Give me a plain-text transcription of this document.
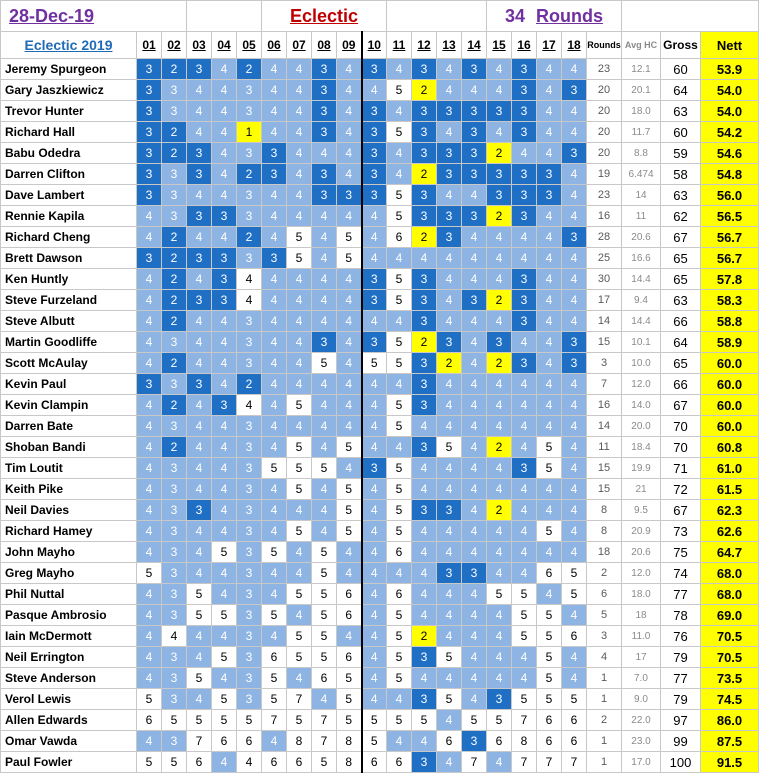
28-Dec-19						Eclectic									34 Rounds							
Eclectic 2019	01	02	03	04	05	06	07	08	09	10	11	12	13	14	15	16	17	18	Rounds	Avg HC	Gross	Nett
Jeremy Spurgeon	3	2	3	4	2	4	4	3	4	3	4	3	4	3	4	3	4	4	23	12.1	60	53.9
Gary Jaszkiewicz	3	3	4	4	3	4	4	3	4	4	5	2	4	4	4	3	4	3	20	20.1	64	54.0
Trevor Hunter	3	3	4	4	3	4	4	3	4	3	4	3	3	3	3	3	4	4	20	18.0	63	54.0
Richard Hall	3	2	4	4	1	4	4	3	4	3	5	3	4	3	4	3	4	4	20	11.7	60	54.2
Babu Odedra	3	2	3	4	3	3	4	4	4	3	4	3	3	3	2	4	4	3	20	8.8	59	54.6
Darren Clifton	3	3	3	4	2	3	4	3	4	3	4	2	3	3	3	3	3	4	19	6.474	58	54.8
Dave Lambert	3	3	4	4	3	4	4	3	3	3	5	3	4	4	3	3	3	4	23	14	63	56.0
Rennie Kapila	4	3	3	3	3	4	4	4	4	4	5	3	3	3	2	3	4	4	16	11	62	56.5
Richard Cheng	4	2	4	4	2	4	5	4	5	4	6	2	3	4	4	4	4	3	28	20.6	67	56.7
Brett Dawson	3	2	3	3	3	3	5	4	5	4	4	4	4	4	4	4	4	4	25	16.6	65	56.7
Ken Huntly	4	2	4	3	4	4	4	4	4	3	5	3	4	4	4	3	4	4	30	14.4	65	57.8
Steve Furzeland	4	2	3	3	4	4	4	4	4	3	5	3	4	3	2	3	4	4	17	9.4	63	58.3
Steve Albutt	4	2	4	4	3	4	4	4	4	4	4	3	4	4	4	3	4	4	14	14.4	66	58.8
Martin Goodliffe	4	3	4	4	3	4	4	3	4	3	5	2	3	4	3	4	4	3	15	10.1	64	58.9
Scott McAulay	4	2	4	4	3	4	4	5	4	5	5	3	2	4	2	3	4	3	3	10.0	65	60.0
Kevin Paul	3	3	3	4	2	4	4	4	4	4	4	3	4	4	4	4	4	4	7	12.0	66	60.0
Kevin Clampin	4	2	4	3	4	4	5	4	4	4	5	3	4	4	4	4	4	4	16	14.0	67	60.0
Darren Bate	4	3	4	4	3	4	4	4	4	4	5	4	4	4	4	4	4	4	14	20.0	70	60.0
Shoban Bandi	4	2	4	4	3	4	5	4	5	4	4	3	5	4	2	4	5	4	11	18.4	70	60.8
Tim Loutit	4	3	4	4	3	5	5	5	4	3	5	4	4	4	4	3	5	4	15	19.9	71	61.0
Keith Pike	4	3	4	4	3	4	5	4	5	4	5	4	4	4	4	4	4	4	15	21	72	61.5
Neil Davies	4	3	3	4	3	4	4	4	5	4	5	3	3	4	2	4	4	4	8	9.5	67	62.3
Richard Hamey	4	3	4	4	3	4	5	4	5	4	5	4	4	4	4	4	5	4	8	20.9	73	62.6
John Mayho	4	3	4	5	3	5	4	5	4	4	6	4	4	4	4	4	4	4	18	20.6	75	64.7
Greg Mayho	5	3	4	4	3	4	4	5	4	4	4	4	3	3	4	4	6	5	2	12.0	74	68.0
Phil Nuttal	4	3	5	4	3	4	5	5	6	4	6	4	4	4	5	5	4	5	6	18.0	77	68.0
Pasque Ambrosio	4	3	5	5	3	5	4	5	6	4	5	4	4	4	4	5	5	4	5	18	78	69.0
Iain McDermott	4	4	4	4	3	4	5	5	4	4	5	2	4	4	4	5	5	6	3	11.0	76	70.5
Neil Errington	4	3	4	5	3	6	5	5	6	4	5	3	5	4	4	4	5	4	4	17	79	70.5
Steve Anderson	4	3	5	4	3	5	4	6	5	4	5	4	4	4	4	4	5	4	1	7.0	77	73.5
Verol Lewis	5	3	4	5	3	5	7	4	5	4	4	3	5	4	3	5	5	5	1	9.0	79	74.5
Allen Edwards	6	5	5	5	5	7	5	7	5	5	5	5	4	5	5	7	6	6	2	22.0	97	86.0
Omar Vawda	4	3	7	6	6	4	8	7	8	5	4	4	6	3	6	8	6	6	1	23.0	99	87.5
Paul Fowler	5	5	6	4	4	6	6	5	8	6	6	3	4	7	4	7	7	7	1	17.0	100	91.5
